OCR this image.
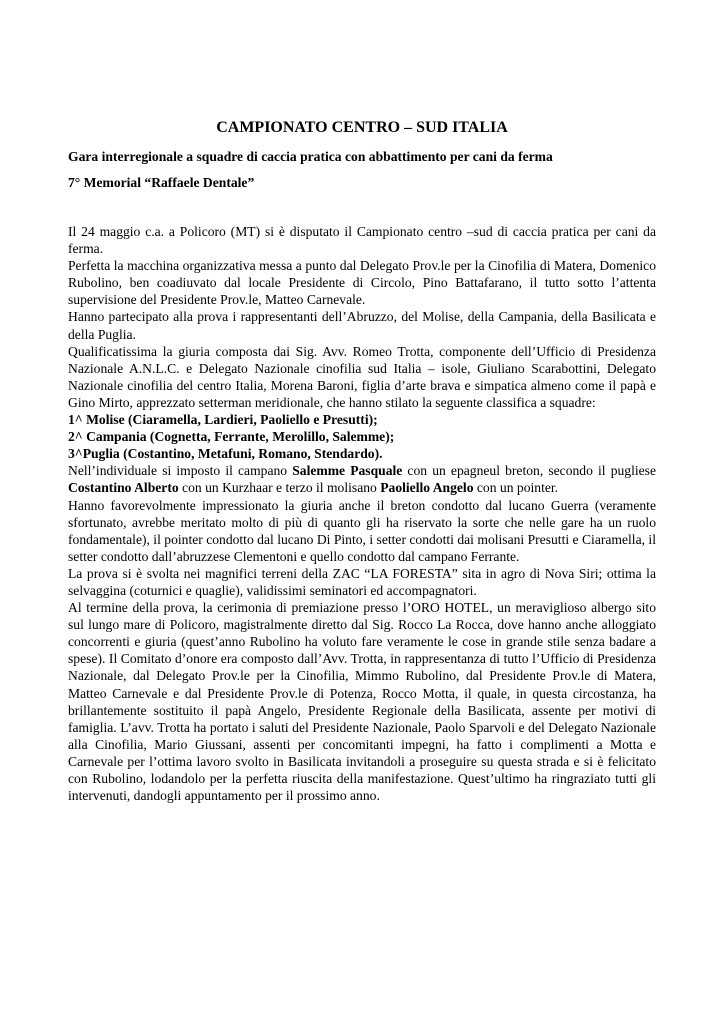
CAMPIONATO CENTRO – SUD ITALIA
Gara interregionale a squadre di caccia pratica con abbattimento per cani da ferma
7° Memorial “Raffaele Dentale”

Il 24 maggio c.a. a Policoro (MT) si è disputato il Campionato centro –sud di caccia pratica per cani da ferma.

Perfetta la macchina organizzativa messa a punto dal Delegato Prov.le per la Cinofilia di Matera, Domenico Rubolino, ben coadiuvato dal locale Presidente di Circolo, Pino Battafarano, il tutto sotto l’attenta supervisione del Presidente Prov.le, Matteo Carnevale.

Hanno partecipato alla prova i rappresentanti dell’Abruzzo, del Molise, della Campania, della Basilicata e della Puglia.

Qualificatissima la giuria composta dai Sig. Avv. Romeo Trotta, componente dell’Ufficio di Presidenza Nazionale A.N.L.C. e Delegato Nazionale cinofilia sud Italia – isole, Giuliano Scarabottini, Delegato Nazionale cinofilia del centro Italia, Morena Baroni, figlia d’arte brava e simpatica almeno come il papà e Gino Mirto, apprezzato setterman meridionale, che hanno stilato la seguente classifica a squadre:

1^ Molise (Ciaramella, Lardieri, Paoliello e Presutti);
2^ Campania (Cognetta, Ferrante, Merolillo, Salemme);
3^Puglia (Costantino, Metafuni, Romano, Stendardo).

Nell’individuale si imposto il campano Salemme Pasquale con un epagneul breton, secondo il pugliese Costantino Alberto con un Kurzhaar e terzo il molisano Paoliello Angelo con un pointer.

Hanno favorevolmente impressionato la giuria anche il breton condotto dal lucano Guerra (veramente sfortunato, avrebbe meritato molto di più di quanto gli ha riservato la sorte che nelle gare ha un ruolo fondamentale), il pointer condotto dal lucano Di Pinto, i setter condotti dai molisani Presutti e Ciaramella, il setter condotto dall’abruzzese Clementoni e quello condotto dal campano Ferrante.

La prova si è svolta nei magnifici terreni della ZAC “LA FORESTA” sita in agro di Nova Siri; ottima la selvaggina (coturnici e quaglie), validissimi seminatori ed accompagnatori.

Al termine della prova, la cerimonia di premiazione presso l’ORO HOTEL, un meraviglioso albergo sito sul lungo mare di Policoro, magistralmente diretto dal Sig. Rocco La Rocca, dove hanno anche alloggiato concorrenti e giuria (quest’anno Rubolino ha voluto fare veramente le cose in grande stile senza badare a spese). Il Comitato d’onore era composto dall’Avv. Trotta, in rappresentanza di tutto l’Ufficio di Presidenza Nazionale, dal Delegato Prov.le per la Cinofilia, Mimmo Rubolino, dal Presidente Prov.le di Matera, Matteo Carnevale e dal Presidente Prov.le di Potenza, Rocco Motta, il quale, in questa circostanza, ha brillantemente sostituito il papà Angelo, Presidente Regionale della Basilicata, assente per motivi di famiglia. L’avv. Trotta ha portato i saluti del Presidente Nazionale, Paolo Sparvoli e del Delegato Nazionale alla Cinofilia, Mario Giussani, assenti per concomitanti impegni, ha fatto i complimenti a Motta e Carnevale per l’ottima lavoro svolto in Basilicata invitandoli a proseguire su questa strada e si è felicitato con Rubolino, lodandolo per la perfetta riuscita della manifestazione. Quest’ultimo ha ringraziato tutti gli intervenuti, dandogli appuntamento per il prossimo anno.
